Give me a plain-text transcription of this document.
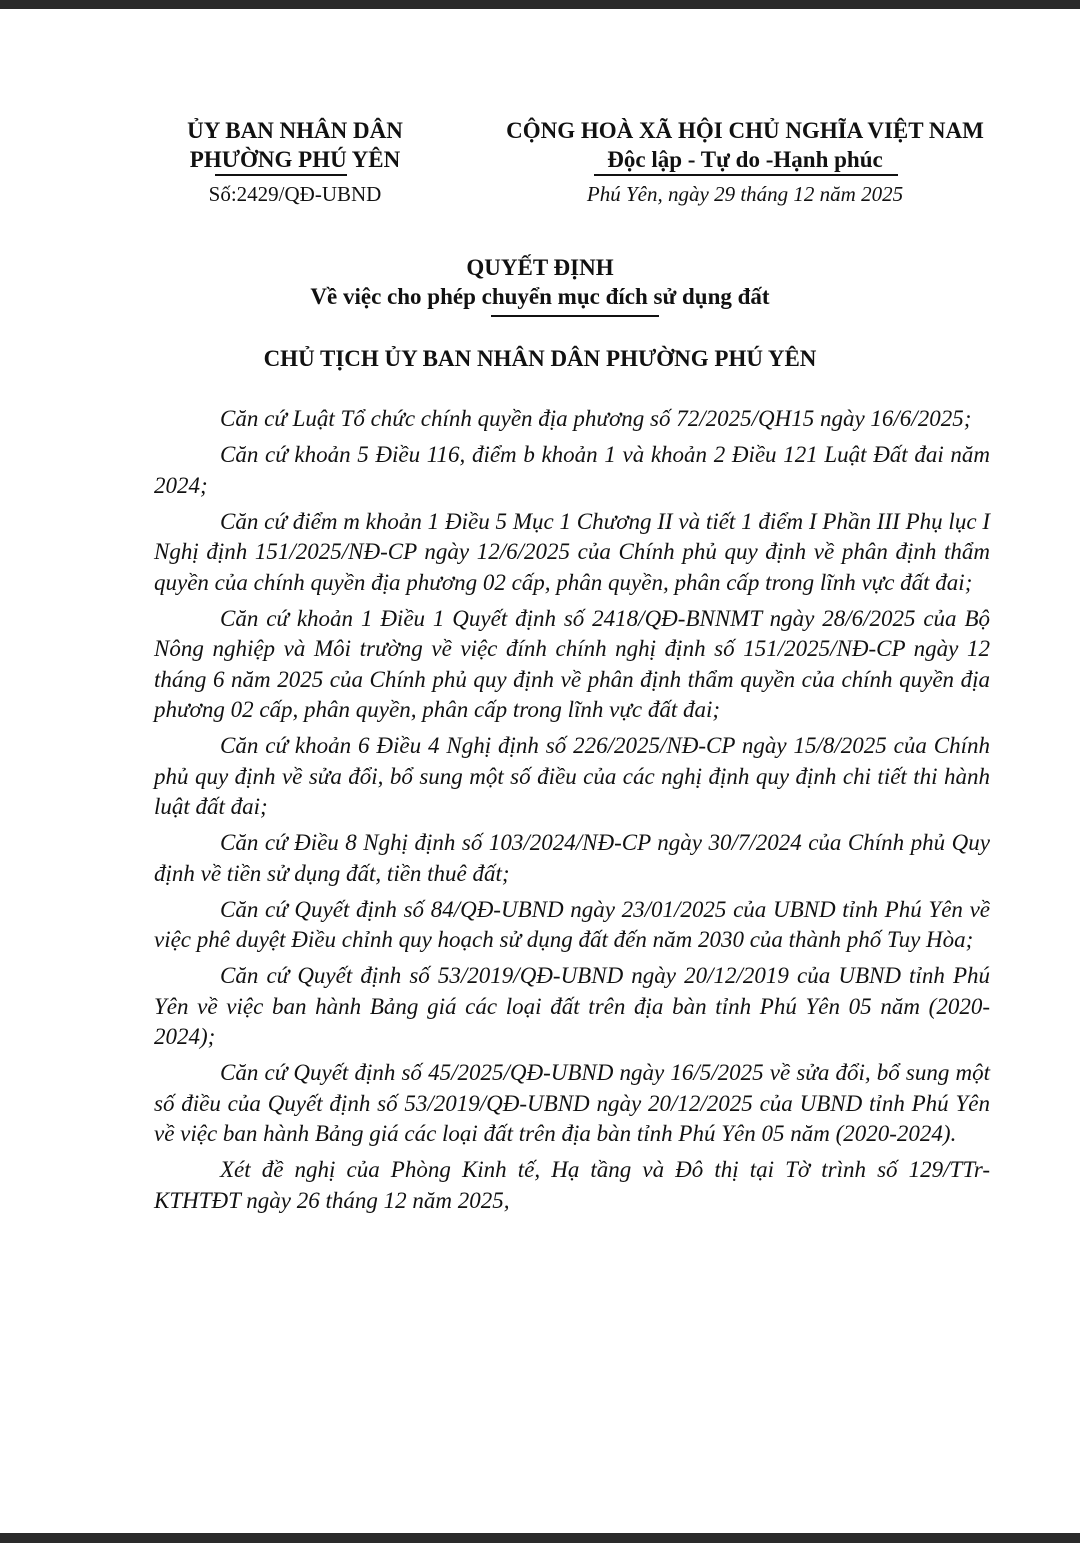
ỦY BAN NHÂN DÂN
PHƯỜNG PHÚ YÊN
Số:2429/QĐ-UBND
CỘNG HOÀ XÃ HỘI CHỦ NGHĨA VIỆT NAM
Độc lập - Tự do -Hạnh phúc
Phú Yên, ngày 29 tháng 12 năm 2025
QUYẾT ĐỊNH
Về việc cho phép chuyển mục đích sử dụng đất
CHỦ TỊCH ỦY BAN NHÂN DÂN PHƯỜNG PHÚ YÊN

Căn cứ Luật Tổ chức chính quyền địa phương số 72/2025/QH15 ngày 16/6/2025;

Căn cứ khoản 5 Điều 116, điểm b khoản 1 và khoản 2 Điều 121 Luật Đất đai năm 2024;

Căn cứ điểm m khoản 1 Điều 5 Mục 1 Chương II và tiết 1 điểm I Phần III Phụ lục I Nghị định 151/2025/NĐ-CP ngày 12/6/2025 của Chính phủ quy định về phân định thẩm quyền của chính quyền địa phương 02 cấp, phân quyền, phân cấp trong lĩnh vực đất đai;

Căn cứ khoản 1 Điều 1 Quyết định số 2418/QĐ-BNNMT ngày 28/6/2025 của Bộ Nông nghiệp và Môi trường về việc đính chính nghị định số 151/2025/NĐ-CP ngày 12 tháng 6 năm 2025 của Chính phủ quy định về phân định thẩm quyền của chính quyền địa phương 02 cấp, phân quyền, phân cấp trong lĩnh vực đất đai;

Căn cứ khoản 6 Điều 4 Nghị định số 226/2025/NĐ-CP ngày 15/8/2025 của Chính phủ quy định về sửa đổi, bổ sung một số điều của các nghị định quy định chi tiết thi hành luật đất đai;

Căn cứ Điều 8 Nghị định số 103/2024/NĐ-CP ngày 30/7/2024 của Chính phủ Quy định về tiền sử dụng đất, tiền thuê đất;

Căn cứ Quyết định số 84/QĐ-UBND ngày 23/01/2025 của UBND tỉnh Phú Yên về việc phê duyệt Điều chỉnh quy hoạch sử dụng đất đến năm 2030 của thành phố Tuy Hòa;

Căn cứ Quyết định số 53/2019/QĐ-UBND ngày 20/12/2019 của UBND tỉnh Phú Yên về việc ban hành Bảng giá các loại đất trên địa bàn tỉnh Phú Yên 05 năm (2020-2024);

Căn cứ Quyết định số 45/2025/QĐ-UBND ngày 16/5/2025 về sửa đổi, bổ sung một số điều của Quyết định số 53/2019/QĐ-UBND ngày 20/12/2025 của UBND tỉnh Phú Yên về việc ban hành Bảng giá các loại đất trên địa bàn tỉnh Phú Yên 05 năm (2020-2024).

Xét đề nghị của Phòng Kinh tế, Hạ tầng và Đô thị tại Tờ trình số 129/TTr-KTHTĐT ngày 26 tháng 12 năm 2025,
